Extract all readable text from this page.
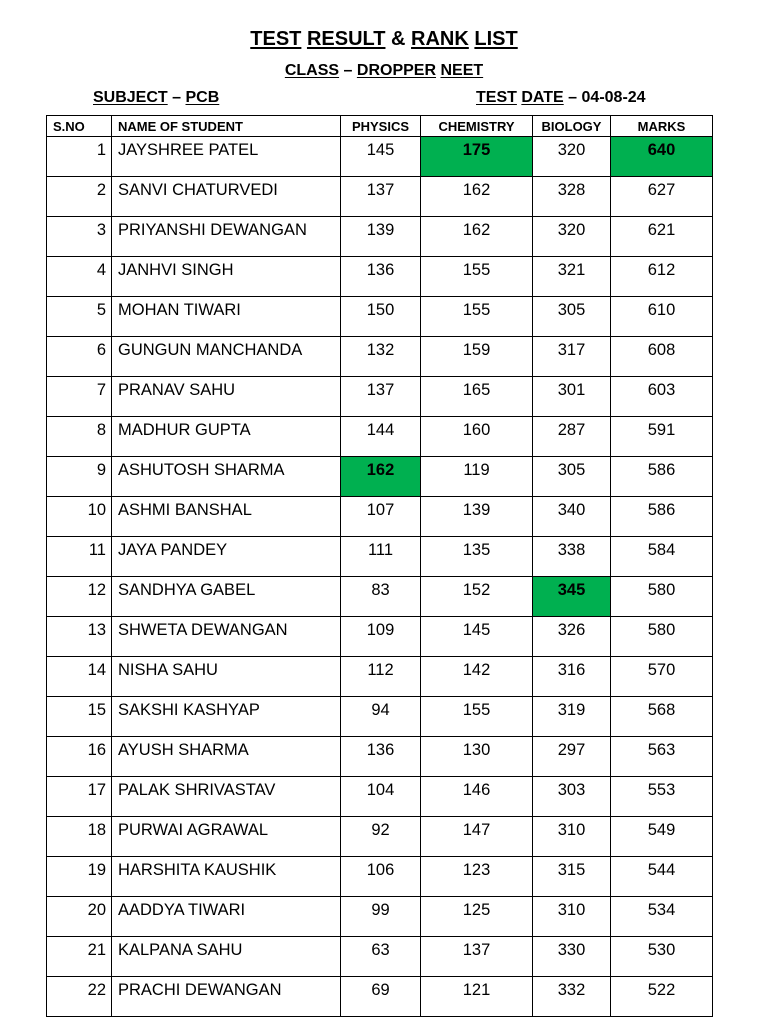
TEST RESULT & RANK LIST
CLASS – DROPPER NEET
SUBJECT – PCB	TEST DATE – 04-08-24
S.NO	NAME OF STUDENT	PHYSICS	CHEMISTRY	BIOLOGY	MARKS
1	JAYSHREE PATEL	145	175	320	640
2	SANVI CHATURVEDI	137	162	328	627
3	PRIYANSHI DEWANGAN	139	162	320	621
4	JANHVI SINGH	136	155	321	612
5	MOHAN TIWARI	150	155	305	610
6	GUNGUN MANCHANDA	132	159	317	608
7	PRANAV SAHU	137	165	301	603
8	MADHUR GUPTA	144	160	287	591
9	ASHUTOSH SHARMA	162	119	305	586
10	ASHMI BANSHAL	107	139	340	586
11	JAYA PANDEY	111	135	338	584
12	SANDHYA GABEL	83	152	345	580
13	SHWETA DEWANGAN	109	145	326	580
14	NISHA SAHU	112	142	316	570
15	SAKSHI KASHYAP	94	155	319	568
16	AYUSH SHARMA	136	130	297	563
17	PALAK SHRIVASTAV	104	146	303	553
18	PURWAI AGRAWAL	92	147	310	549
19	HARSHITA KAUSHIK	106	123	315	544
20	AADDYA TIWARI	99	125	310	534
21	KALPANA SAHU	63	137	330	530
22	PRACHI DEWANGAN	69	121	332	522
